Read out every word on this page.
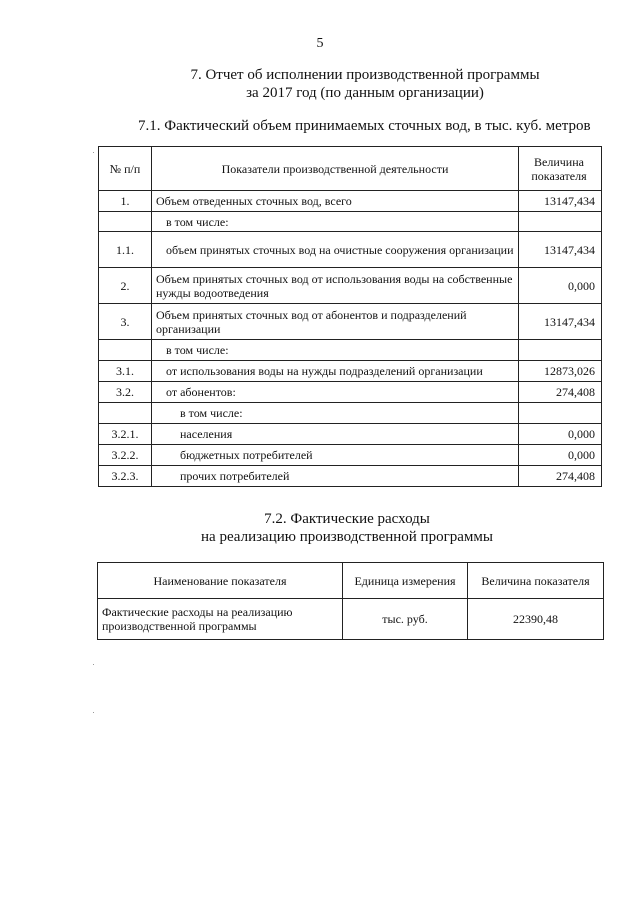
5
7. Отчет об исполнении производственной программы
за 2017 год (по данным организации)
7.1. Фактический объем принимаемых сточных вод, в тыс. куб. метров
№ п/п	Показатели производственной деятельности	Величина показателя
1.	Объем отведенных сточных вод, всего	13147,434
	в том числе:	
1.1.	объем принятых сточных вод на очистные сооружения организации	13147,434
2.	Объем принятых сточных вод от использования воды на собственные нужды водоотведения	0,000
3.	Объем принятых сточных вод от абонентов и подразделений организации	13147,434
	в том числе:	
3.1.	от использования воды на нужды подразделений организации	12873,026
3.2.	от абонентов:	274,408
	в том числе:	
3.2.1.	населения	0,000
3.2.2.	бюджетных потребителей	0,000
3.2.3.	прочих потребителей	274,408
7.2. Фактические расходы
на реализацию производственной программы
Наименование показателя	Единица измерения	Величина показателя
Фактические расходы на реализацию производственной программы	тыс. руб.	22390,48
